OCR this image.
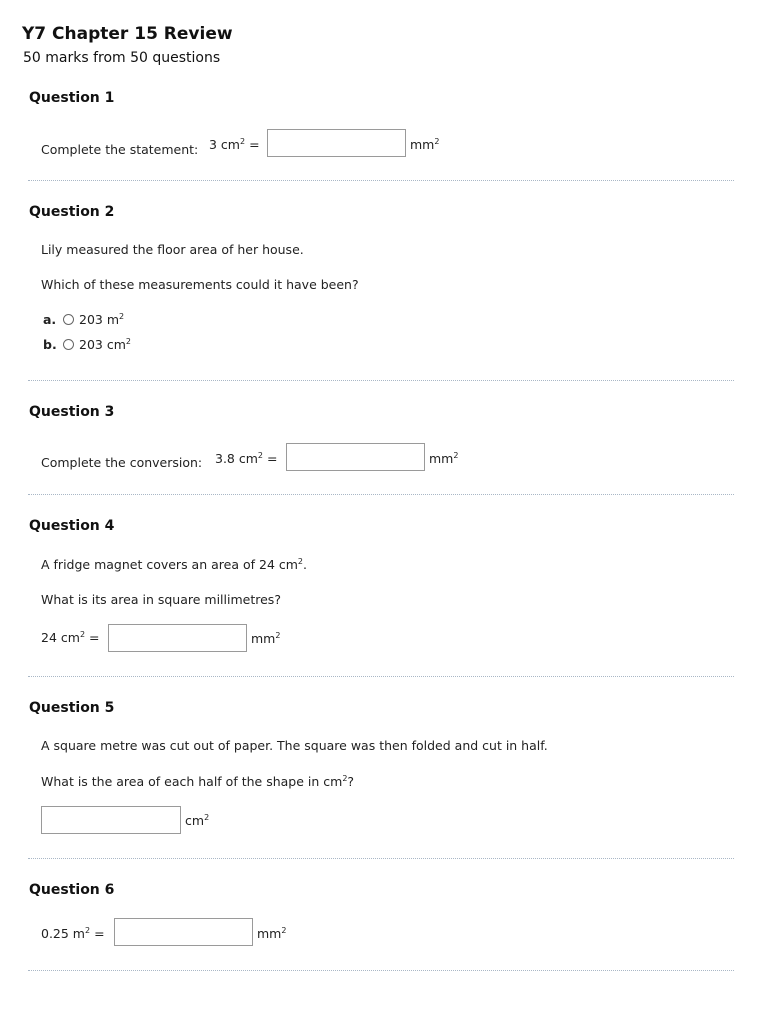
Y7 Chapter 15 Review
50 marks from 50 questions
Question 1
Complete the statement: 3 $cm^2$ =	$mm^2$
Question 2
Lily measured the floor area of her house.
Which of these measurements could it have been?
a.	203 $m^2$
b.	203 $cm^2$
Question 3
Complete the conversion: 3.8 $cm^2$ =	$mm^2$
Question 4
A fridge magnet covers an area of 24 $cm^2$.
What is its area in square millimetres?
24 $cm^2$ =	$mm^2$
Question 5
A square metre was cut out of paper. The square was then folded and cut in half.
What is the area of each half of the shape in $cm^2$?
$cm^2$
Question 6
0.25 $m^2$ =	$mm^2$
